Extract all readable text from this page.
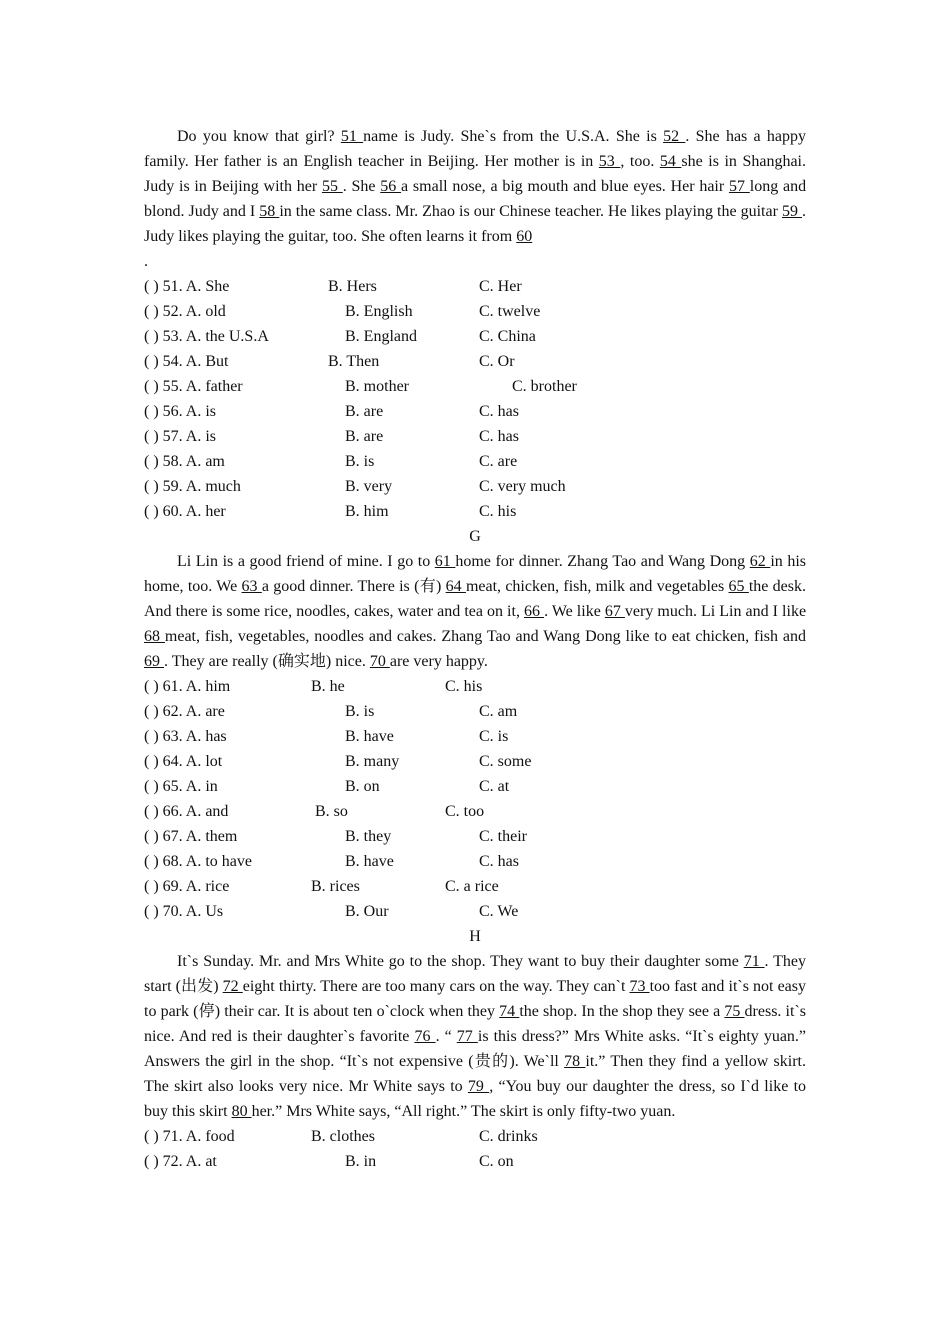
Do you know that girl? 51 name is Judy. She`s from the U.S.A. She is 52 . She has a happy family. Her father is an English teacher in Beijing. Her mother is in 53 , too. 54 she is in Shanghai. Judy is in Beijing with her 55 . She 56 a small nose, a big mouth and blue eyes. Her hair 57 long and blond. Judy and I 58 in the same class. Mr. Zhao is our Chinese teacher. He likes playing the guitar 59 . Judy likes playing the guitar, too. She often learns it from 60
.

( ) 51. A. She	B. Hers	C. Her
( ) 52. A. old	B. English	C. twelve
( ) 53. A. the U.S.A	B. England	C. China
( ) 54. A. But	B. Then	C. Or
( ) 55. A. father	B. mother	C. brother
( ) 56. A. is	B. are	C. has
( ) 57. A. is	B. are	C. has
( ) 58. A. am	B. is	C. are
( ) 59. A. much	B. very	C. very much
( ) 60. A. her	B. him	C. his
G

Li Lin is a good friend of mine. I go to 61 home for dinner. Zhang Tao and Wang Dong 62 in his home, too. We 63 a good dinner. There is (有) 64 meat, chicken, fish, milk and vegetables 65 the desk. And there is some rice, noodles, cakes, water and tea on it, 66 . We like 67 very much. Li Lin and I like 68 meat, fish, vegetables, noodles and cakes. Zhang Tao and Wang Dong like to eat chicken, fish and 69 . They are really (确实地) nice. 70 are very happy.

( ) 61. A. him	B. he	C. his
( ) 62. A. are	B. is	C. am
( ) 63. A. has	B. have	C. is
( ) 64. A. lot	B. many	C. some
( ) 65. A. in	B. on	C. at
( ) 66. A. and	B. so	C. too
( ) 67. A. them	B. they	C. their
( ) 68. A. to have	B. have	C. has
( ) 69. A. rice	B. rices	C. a rice
( ) 70. A. Us	B. Our	C. We
H

It`s Sunday. Mr. and Mrs White go to the shop. They want to buy their daughter some 71 . They start (出发) 72 eight thirty. There are too many cars on the way. They can`t 73 too fast and it`s not easy to park (停) their car. It is about ten o`clock when they 74 the shop. In the shop they see a 75 dress. it`s nice. And red is their daughter`s favorite 76 . “ 77 is this dress?” Mrs White asks. “It`s eighty yuan.” Answers the girl in the shop. “It`s not expensive (贵的). We`ll 78 it.” Then they find a yellow skirt. The skirt also looks very nice. Mr White says to 79 , “You buy our daughter the dress, so I`d like to buy this skirt 80 her.” Mrs White says, “All right.” The skirt is only fifty-two yuan.

( ) 71. A. food	B. clothes	C. drinks
( ) 72. A. at	B. in	C. on
